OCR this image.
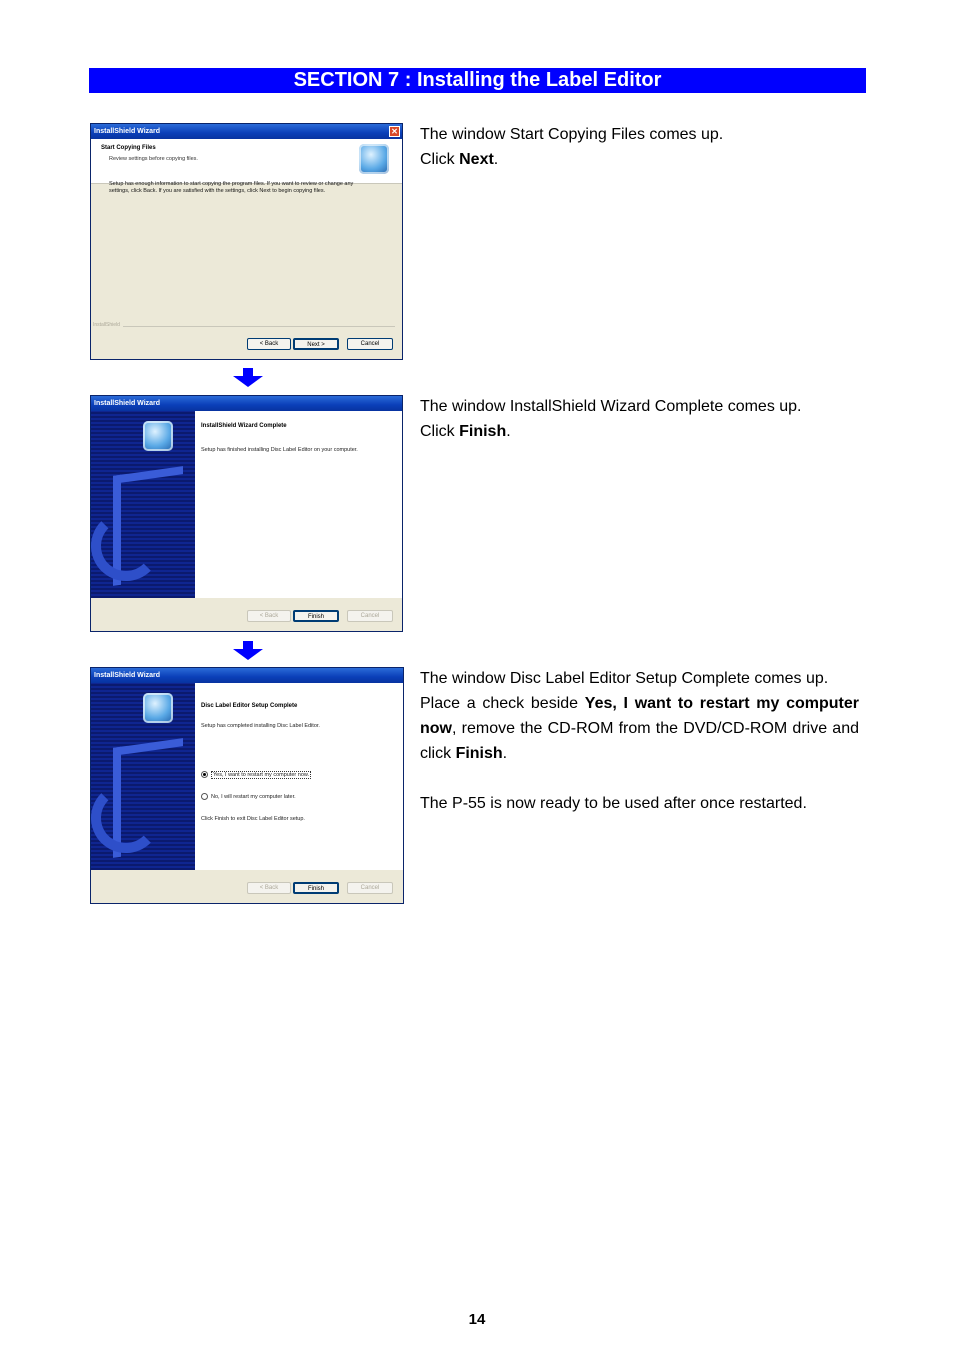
SECTION 7 : Installing the Label Editor
InstallShield Wizard	✕
Start Copying Files
Review settings before copying files.
Setup has enough information to start copying the program files. If you want to review or change any settings, click Back. If you are satisfied with the settings, click Next to begin copying files.
InstallShield
< Back	Next >	Cancel

The window Start Copying Files comes up.

Click Next.

InstallShield Wizard
InstallShield Wizard Complete
Setup has finished installing Disc Label Editor on your computer.
< Back	Finish	Cancel

The window InstallShield Wizard Complete comes up.

Click Finish.

InstallShield Wizard
Disc Label Editor Setup Complete
Setup has completed installing Disc Label Editor.
Yes, I want to restart my computer now.
No, I will restart my computer later.
Click Finish to exit Disc Label Editor setup.
< Back	Finish	Cancel

The window Disc Label Editor Setup Complete comes up.

Place a check beside Yes, I want to restart my computer now, remove the CD-ROM from the DVD/CD-ROM drive and click Finish.

The P-55 is now ready to be used after once restarted.

14
